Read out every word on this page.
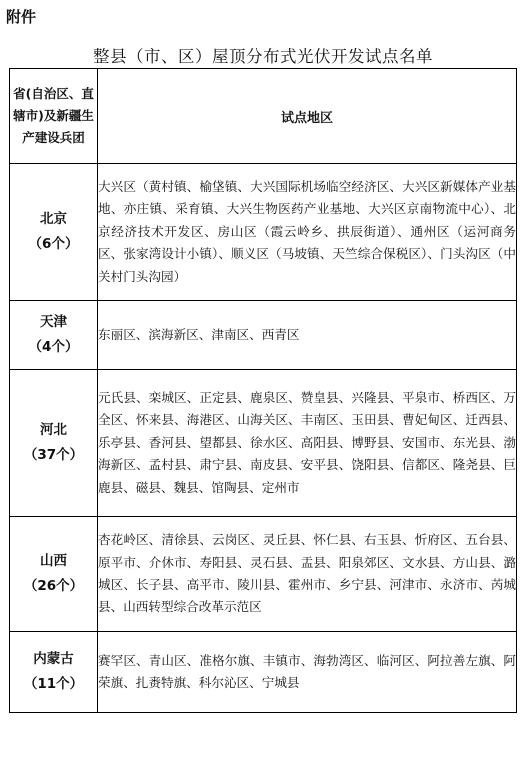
附件
整县（市、区）屋顶分布式光伏开发试点名单
省(自治区、直辖市)及新疆生产建设兵团	试点地区

北京
（6个）	大兴区（黄村镇、榆垡镇、大兴国际机场临空经济区、大兴区新媒体产业基地、亦庄镇、采育镇、大兴生物医药产业基地、大兴区京南物流中心）、北京经济技术开发区、房山区（霞云岭乡、拱辰街道）、通州区（运河商务区、张家湾设计小镇）、顺义区（马坡镇、天竺综合保税区）、门头沟区（中关村门头沟园）

天津
（4个）	东丽区、滨海新区、津南区、西青区

河北
（37个）	元氏县、栾城区、正定县、鹿泉区、赞皇县、兴隆县、平泉市、桥西区、万全区、怀来县、海港区、山海关区、丰南区、玉田县、曹妃甸区、迁西县、乐亭县、香河县、望都县、徐水区、高阳县、博野县、安国市、东光县、渤海新区、孟村县、肃宁县、南皮县、安平县、饶阳县、信都区、隆尧县、巨鹿县、磁县、魏县、馆陶县、定州市

山西
（26个）	杏花岭区、清徐县、云岗区、灵丘县、怀仁县、右玉县、忻府区、五台县、原平市、介休市、寿阳县、灵石县、盂县、阳泉郊区、文水县、方山县、潞城区、长子县、高平市、陵川县、霍州市、乡宁县、河津市、永济市、芮城县、山西转型综合改革示范区

内蒙古
（11个）	赛罕区、青山区、准格尔旗、丰镇市、海勃湾区、临河区、阿拉善左旗、阿荣旗、扎赉特旗、科尔沁区、宁城县
